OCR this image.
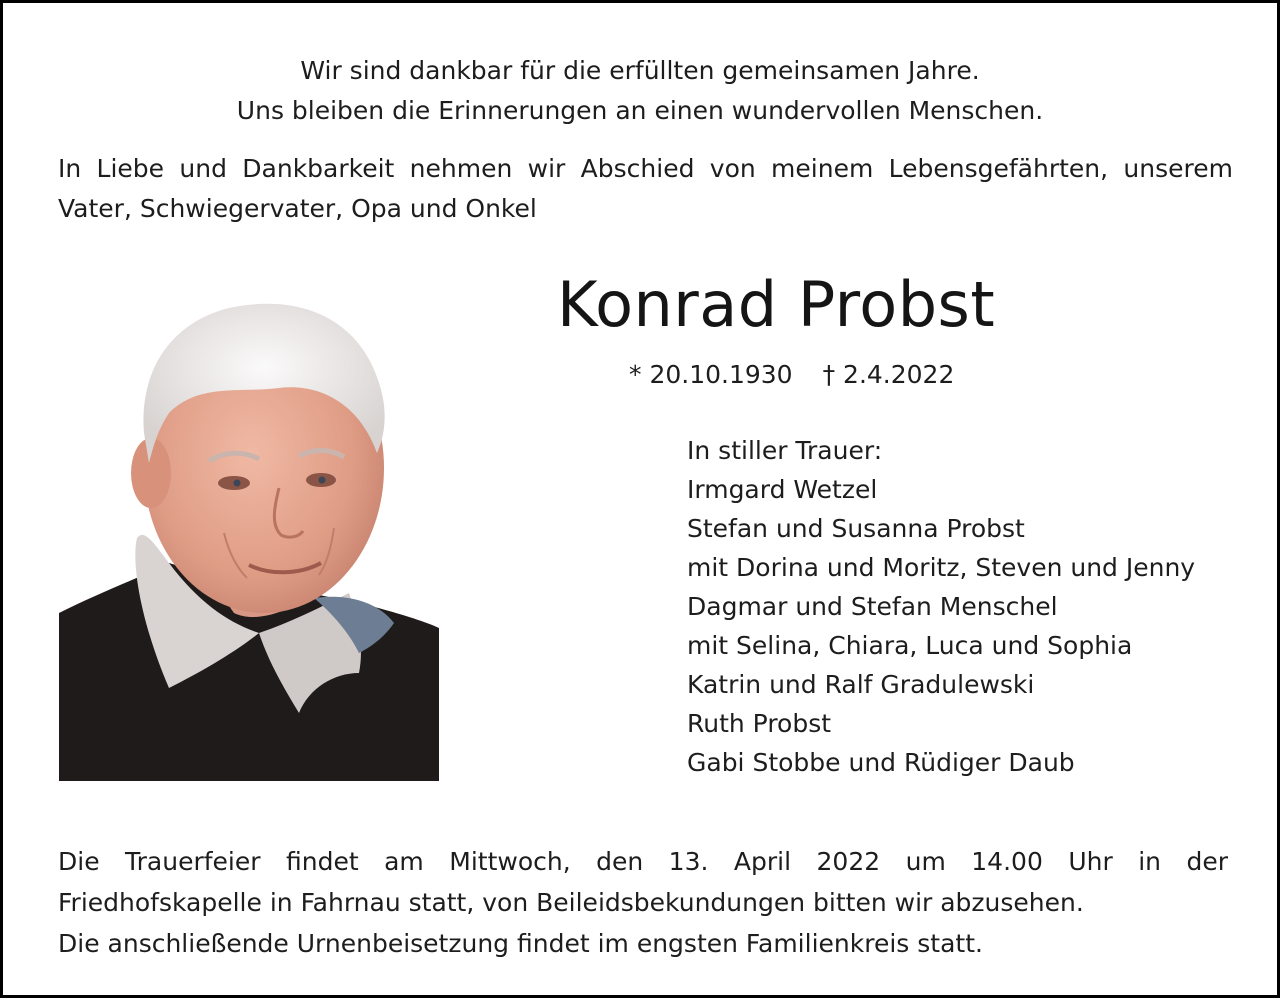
Wir sind dankbar für die erfüllten gemeinsamen Jahre.
Uns bleiben die Erinnerungen an einen wundervollen Menschen.
In Liebe und Dankbarkeit nehmen wir Abschied von meinem Lebensgefährten, unserem
Vater, Schwiegervater, Opa und Onkel
Konrad Probst
* 20.10.1930 † 2.4.2022
In stiller Trauer:
Irmgard Wetzel
Stefan und Susanna Probst
mit Dorina und Moritz, Steven und Jenny
Dagmar und Stefan Menschel
mit Selina, Chiara, Luca und Sophia
Katrin und Ralf Gradulewski
Ruth Probst
Gabi Stobbe und Rüdiger Daub
Die Trauerfeier findet am Mittwoch, den 13. April 2022 um 14.00 Uhr in der
Friedhofskapelle in Fahrnau statt, von Beileidsbekundungen bitten wir abzusehen.
Die anschließende Urnenbeisetzung findet im engsten Familienkreis statt.
